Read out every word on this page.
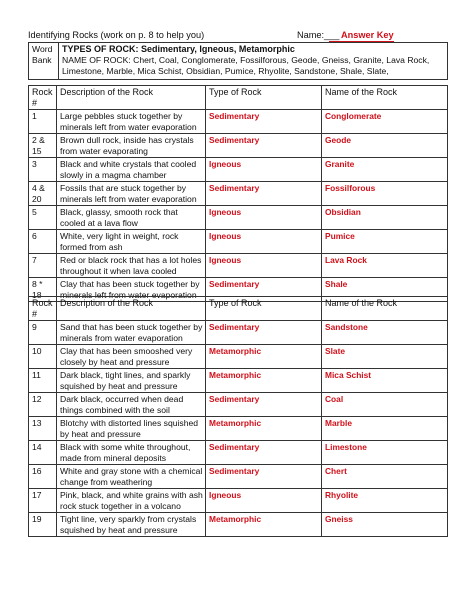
Identifying Rocks (work on p. 8 to help you)	Name:___ Answer Key
Word Bank	
TYPES OF ROCK: Sedimentary, Igneous, Metamorphic
NAME OF ROCK: Chert, Coal, Conglomerate, Fossilforous, Geode, Gneiss, Granite, Lava Rock, Limestone, Marble, Mica Schist, Obsidian, Pumice, Rhyolite, Sandstone, Shale, Slate,
Rock #	Description of the Rock	Type of Rock	Name of the Rock
1	Large pebbles stuck together by minerals left from water evaporation	Sedimentary	Conglomerate
2 & 15	Brown dull rock, inside has crystals from water evaporating	Sedimentary	Geode
3	Black and white crystals that cooled slowly in a magma chamber	Igneous	Granite
4 & 20	Fossils that are stuck together by minerals left from water evaporation	Sedimentary	Fossilforous
5	Black, glassy, smooth rock that cooled at a lava flow	Igneous	Obsidian
6	White, very light in weight, rock formed from ash	Igneous	Pumice
7	Red or black rock that has a lot holes throughout it when lava cooled	Igneous	Lava Rock
8 * 18	Clay that has been stuck together by minerals left from water evaporation	Sedimentary	Shale
Rock #	Description of the Rock	Type of Rock	Name of the Rock
9	Sand that has been stuck together by minerals from water evaporation	Sedimentary	Sandstone
10	Clay that has been smooshed very closely by heat and pressure	Metamorphic	Slate
11	Dark black, tight lines, and sparkly squished by heat and pressure	Metamorphic	Mica Schist
12	Dark black, occurred when dead things combined with the soil	Sedimentary	Coal
13	Blotchy with distorted lines squished by heat and pressure	Metamorphic	Marble
14	Black with some white throughout, made from mineral deposits	Sedimentary	Limestone
16	White and gray stone with a chemical change from weathering	Sedimentary	Chert
17	Pink, black, and white grains with ash rock stuck together in a volcano	Igneous	Rhyolite
19	Tight line, very sparkly from crystals squished by heat and pressure	Metamorphic	Gneiss
